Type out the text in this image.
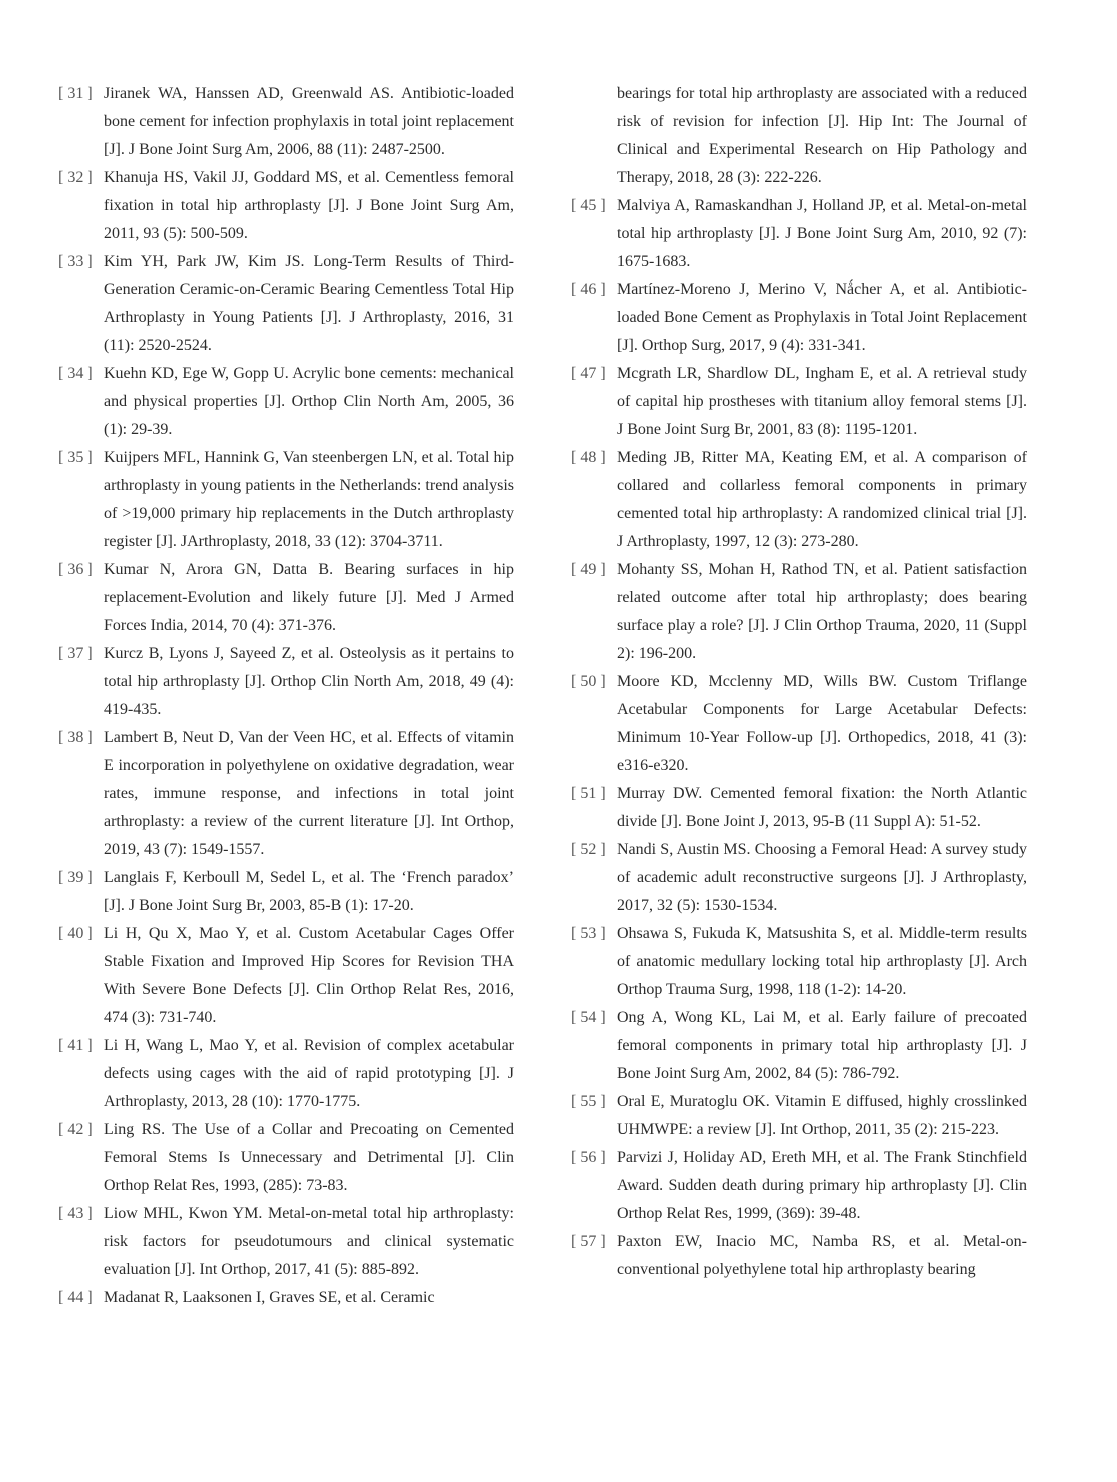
[ 31 ] Jiranek WA, Hanssen AD, Greenwald AS. Antibiotic-loaded bone cement for infection prophylaxis in total joint replacement [J]. J Bone Joint Surg Am, 2006, 88 (11): 2487-2500.
[ 32 ] Khanuja HS, Vakil JJ, Goddard MS, et al. Cementless femoral fixation in total hip arthroplasty [J]. J Bone Joint Surg Am, 2011, 93 (5): 500-509.
[ 33 ] Kim YH, Park JW, Kim JS. Long-Term Results of Third-Generation Ceramic-on-Ceramic Bearing Cementless Total Hip Arthroplasty in Young Patients [J]. J Arthroplasty, 2016, 31 (11): 2520-2524.
[ 34 ] Kuehn KD, Ege W, Gopp U. Acrylic bone cements: mechanical and physical properties [J]. Orthop Clin North Am, 2005, 36 (1): 29-39.
[ 35 ] Kuijpers MFL, Hannink G, Van steenbergen LN, et al. Total hip arthroplasty in young patients in the Netherlands: trend analysis of >19,000 primary hip replacements in the Dutch arthroplasty register [J]. JArthroplasty, 2018, 33 (12): 3704-3711.
[ 36 ] Kumar N, Arora GN, Datta B. Bearing surfaces in hip replacement-Evolution and likely future [J]. Med J Armed Forces India, 2014, 70 (4): 371-376.
[ 37 ] Kurcz B, Lyons J, Sayeed Z, et al. Osteolysis as it pertains to total hip arthroplasty [J]. Orthop Clin North Am, 2018, 49 (4): 419-435.
[ 38 ] Lambert B, Neut D, Van der Veen HC, et al. Effects of vitamin E incorporation in polyethylene on oxidative degradation, wear rates, immune response, and infections in total joint arthroplasty: a review of the current literature [J]. Int Orthop, 2019, 43 (7): 1549-1557.
[ 39 ] Langlais F, Kerboull M, Sedel L, et al. The ‘French paradox’ [J]. J Bone Joint Surg Br, 2003, 85-B (1): 17-20.
[ 40 ] Li H, Qu X, Mao Y, et al. Custom Acetabular Cages Offer Stable Fixation and Improved Hip Scores for Revision THA With Severe Bone Defects [J]. Clin Orthop Relat Res, 2016, 474 (3): 731-740.
[ 41 ] Li H, Wang L, Mao Y, et al. Revision of complex acetabular defects using cages with the aid of rapid prototyping [J]. J Arthroplasty, 2013, 28 (10): 1770-1775.
[ 42 ] Ling RS. The Use of a Collar and Precoating on Cemented Femoral Stems Is Unnecessary and Detrimental [J]. Clin Orthop Relat Res, 1993, (285): 73-83.
[ 43 ] Liow MHL, Kwon YM. Metal-on-metal total hip arthroplasty: risk factors for pseudotumours and clinical systematic evaluation [J]. Int Orthop, 2017, 41 (5): 885-892.
[ 44 ] Madanat R, Laaksonen I, Graves SE, et al. Ceramic
bearings for total hip arthroplasty are associated with a reduced risk of revision for infection [J]. Hip Int: The Journal of Clinical and Experimental Research on Hip Pathology and Therapy, 2018, 28 (3): 222-226.
[ 45 ] Malviya A, Ramaskandhan J, Holland JP, et al. Metal-on-metal total hip arthroplasty [J]. J Bone Joint Surg Am, 2010, 92 (7): 1675-1683.
[ 46 ] Martínez-Moreno J, Merino V, Nǻcher A, et al. Antibiotic-loaded Bone Cement as Prophylaxis in Total Joint Replacement [J]. Orthop Surg, 2017, 9 (4): 331-341.
[ 47 ] Mcgrath LR, Shardlow DL, Ingham E, et al. A retrieval study of capital hip prostheses with titanium alloy femoral stems [J]. J Bone Joint Surg Br, 2001, 83 (8): 1195-1201.
[ 48 ] Meding JB, Ritter MA, Keating EM, et al. A comparison of collared and collarless femoral components in primary cemented total hip arthroplasty: A randomized clinical trial [J]. J Arthroplasty, 1997, 12 (3): 273-280.
[ 49 ] Mohanty SS, Mohan H, Rathod TN, et al. Patient satisfaction related outcome after total hip arthroplasty; does bearing surface play a role? [J]. J Clin Orthop Trauma, 2020, 11 (Suppl 2): 196-200.
[ 50 ] Moore KD, Mcclenny MD, Wills BW. Custom Triflange Acetabular Components for Large Acetabular Defects: Minimum 10-Year Follow-up [J]. Orthopedics, 2018, 41 (3): e316-e320.
[ 51 ] Murray DW. Cemented femoral fixation: the North Atlantic divide [J]. Bone Joint J, 2013, 95-B (11 Suppl A): 51-52.
[ 52 ] Nandi S, Austin MS. Choosing a Femoral Head: A survey study of academic adult reconstructive surgeons [J]. J Arthroplasty, 2017, 32 (5): 1530-1534.
[ 53 ] Ohsawa S, Fukuda K, Matsushita S, et al. Middle-term results of anatomic medullary locking total hip arthroplasty [J]. Arch Orthop Trauma Surg, 1998, 118 (1-2): 14-20.
[ 54 ] Ong A, Wong KL, Lai M, et al. Early failure of precoated femoral components in primary total hip arthroplasty [J]. J Bone Joint Surg Am, 2002, 84 (5): 786-792.
[ 55 ] Oral E, Muratoglu OK. Vitamin E diffused, highly crosslinked UHMWPE: a review [J]. Int Orthop, 2011, 35 (2): 215-223.
[ 56 ] Parvizi J, Holiday AD, Ereth MH, et al. The Frank Stinchfield Award. Sudden death during primary hip arthroplasty [J]. Clin Orthop Relat Res, 1999, (369): 39-48.
[ 57 ] Paxton EW, Inacio MC, Namba RS, et al. Metal-on-conventional polyethylene total hip arthroplasty bearing
